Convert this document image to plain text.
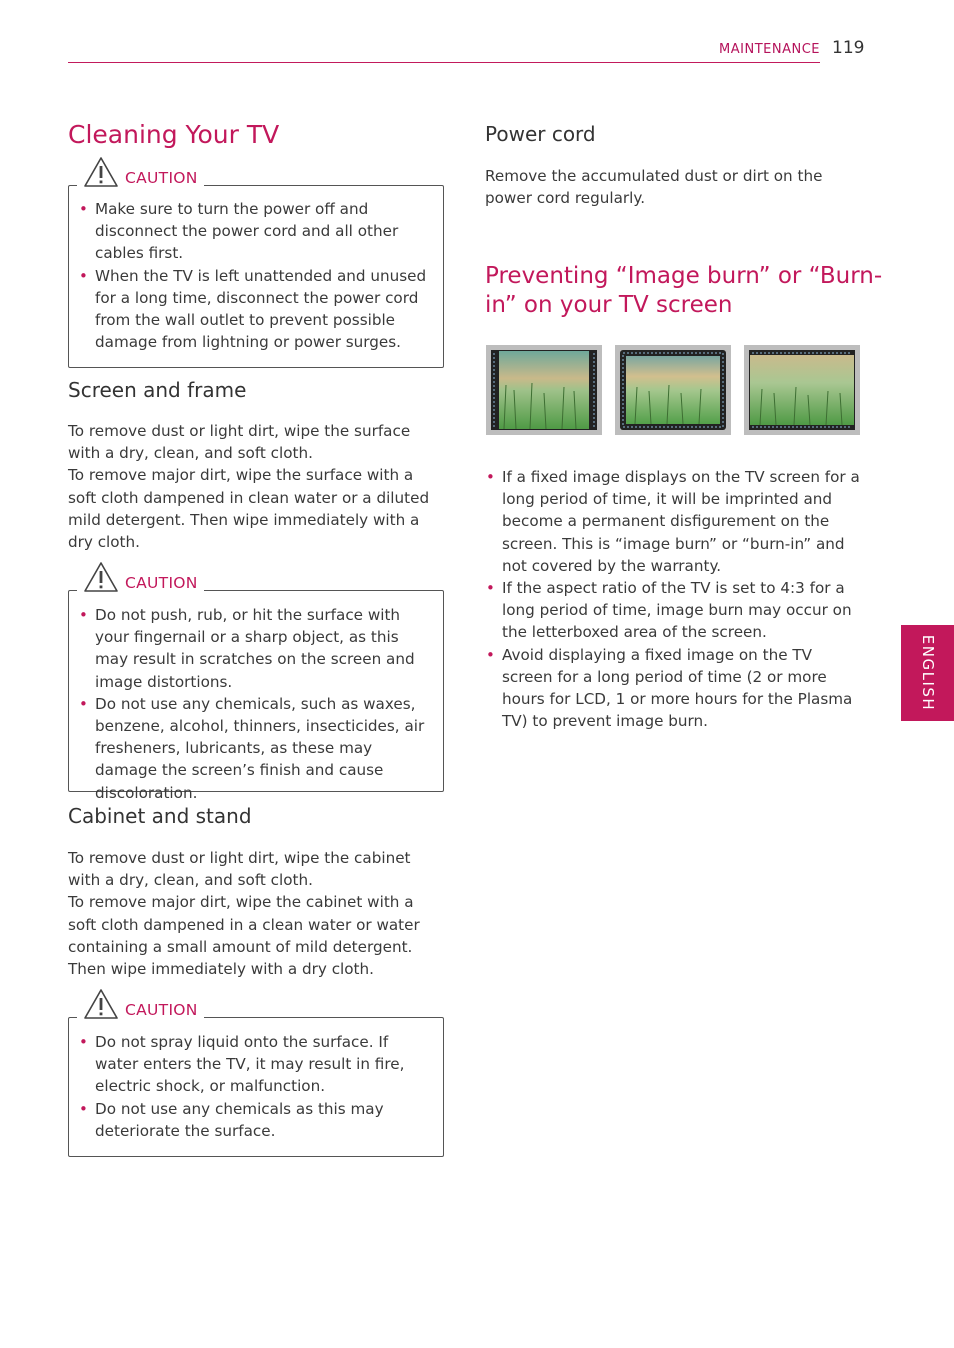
MAINTENANCE 119
ENGLISH
Cleaning Your TV
CAUTION
• Make sure to turn the power off and disconnect the power cord and all other cables first.
• When the TV is left unattended and unused for a long time, disconnect the power cord from the wall outlet to prevent possible damage from lightning or power surges.
Screen and frame

To remove dust or light dirt, wipe the surface with a dry, clean, and soft cloth.

To remove major dirt, wipe the surface with a soft cloth dampened in clean water or a diluted mild detergent. Then wipe immediately with a dry cloth.

CAUTION
• Do not push, rub, or hit the surface with your fingernail or a sharp object, as this may result in scratches on the screen and image distortions.
• Do not use any chemicals, such as waxes, benzene, alcohol, thinners, insecticides, air fresheners, lubricants, as these may damage the screen’s finish and cause discoloration.
Cabinet and stand

To remove dust or light dirt, wipe the cabinet with a dry, clean, and soft cloth.

To remove major dirt, wipe the cabinet with a soft cloth dampened in a clean water or water containing a small amount of mild detergent. Then wipe immediately with a dry cloth.

CAUTION
• Do not spray liquid onto the surface. If water enters the TV, it may result in fire, electric shock, or malfunction.
• Do not use any chemicals as this may deteriorate the surface.
Power cord

Remove the accumulated dust or dirt on the power cord regularly.

Preventing “Image burn” or “Burn-in” on your TV screen
• If a fixed image displays on the TV screen for a long period of time, it will be imprinted and become a permanent disfigurement on the screen. This is “image burn” or “burn-in” and not covered by the warranty.
• If the aspect ratio of the TV is set to 4:3 for a long period of time, image burn may occur on the letterboxed area of the screen.
• Avoid displaying a fixed image on the TV screen for a long period of time (2 or more hours for LCD, 1 or more hours for the Plasma TV) to prevent image burn.
